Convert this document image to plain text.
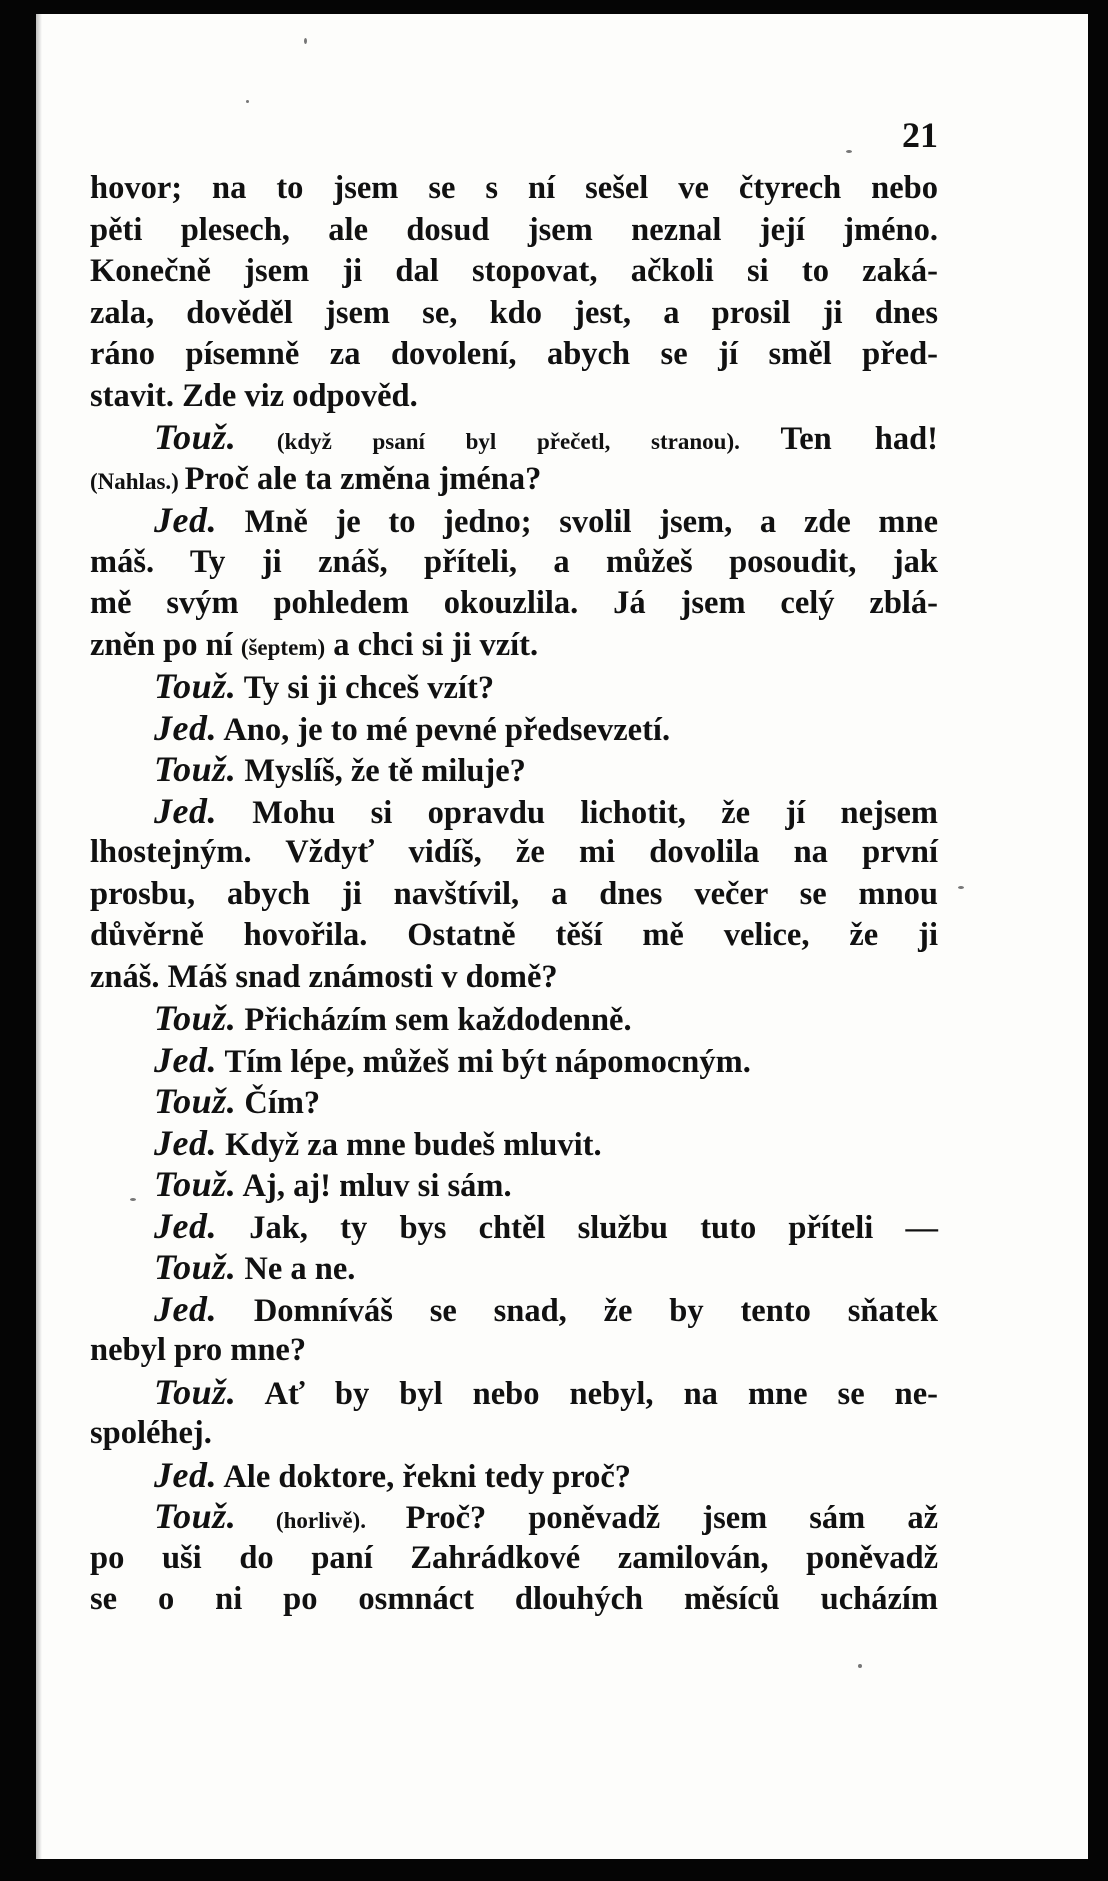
21
hovor; na to jsem se s ní sešel ve čtyrech nebo
pěti plesech, ale dosud jsem neznal její jméno.
Konečně jsem ji dal stopovat, ačkoli si to zaká-
zala, dověděl jsem se, kdo jest, a prosil ji dnes
ráno písemně za dovolení, abych se jí směl před-
stavit. Zde viz odpověd.
Touž. (když psaní byl přečetl, stranou). Ten had!
(Nahlas.) Proč ale ta změna jména?
Jed. Mně je to jedno; svolil jsem, a zde mne
máš. Ty ji znáš, příteli, a můžeš posoudit, jak
mě svým pohledem okouzlila. Já jsem celý zblá-
zněn po ní (šeptem) a chci si ji vzít.
Touž. Ty si ji chceš vzít?
Jed. Ano, je to mé pevné předsevzetí.
Touž. Myslíš, že tě miluje?
Jed. Mohu si opravdu lichotit, že jí nejsem
lhostejným. Vždyť vidíš, že mi dovolila na první
prosbu, abych ji navštívil, a dnes večer se mnou
důvěrně hovořila. Ostatně těší mě velice, že ji
znáš. Máš snad známosti v domě?
Touž. Přicházím sem každodenně.
Jed. Tím lépe, můžeš mi být nápomocným.
Touž. Čím?
Jed. Když za mne budeš mluvit.
Touž. Aj, aj! mluv si sám.
Jed. Jak, ty bys chtěl službu tuto příteli —
Touž. Ne a ne.
Jed. Domníváš se snad, že by tento sňatek
nebyl pro mne?
Touž. Ať by byl nebo nebyl, na mne se ne-
spoléhej.
Jed. Ale doktore, řekni tedy proč?
Touž. (horlivě). Proč? poněvadž jsem sám až
po uši do paní Zahrádkové zamilován, poněvadž
se o ni po osmnáct dlouhých měsíců ucházím
